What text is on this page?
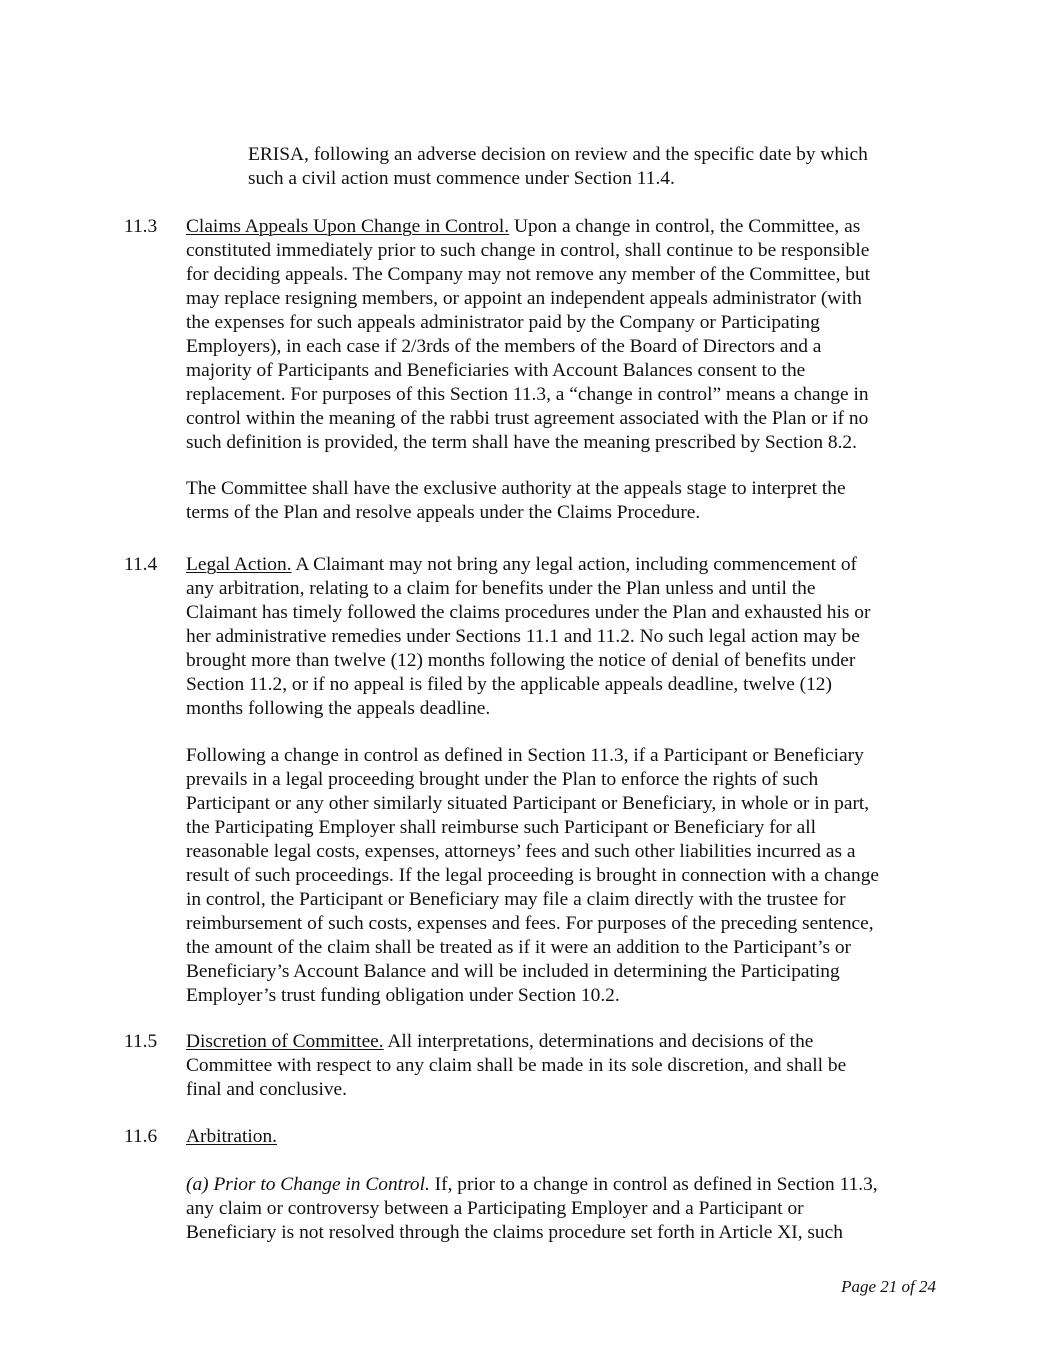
ERISA, following an adverse decision on review and the specific date by which
such a civil action must commence under Section 11.4.

11.3 Claims Appeals Upon Change in Control. Upon a change in control, the Committee, as

constituted immediately prior to such change in control, shall continue to be responsible
for deciding appeals. The Company may not remove any member of the Committee, but
may replace resigning members, or appoint an independent appeals administrator (with
the expenses for such appeals administrator paid by the Company or Participating
Employers), in each case if 2/3rds of the members of the Board of Directors and a
majority of Participants and Beneficiaries with Account Balances consent to the
replacement. For purposes of this Section 11.3, a “change in control” means a change in
control within the meaning of the rabbi trust agreement associated with the Plan or if no
such definition is provided, the term shall have the meaning prescribed by Section 8.2.

The Committee shall have the exclusive authority at the appeals stage to interpret the
terms of the Plan and resolve appeals under the Claims Procedure.

11.4 Legal Action. A Claimant may not bring any legal action, including commencement of

any arbitration, relating to a claim for benefits under the Plan unless and until the
Claimant has timely followed the claims procedures under the Plan and exhausted his or
her administrative remedies under Sections 11.1 and 11.2. No such legal action may be
brought more than twelve (12) months following the notice of denial of benefits under
Section 11.2, or if no appeal is filed by the applicable appeals deadline, twelve (12)
months following the appeals deadline.

Following a change in control as defined in Section 11.3, if a Participant or Beneficiary
prevails in a legal proceeding brought under the Plan to enforce the rights of such
Participant or any other similarly situated Participant or Beneficiary, in whole or in part,
the Participating Employer shall reimburse such Participant or Beneficiary for all
reasonable legal costs, expenses, attorneys’ fees and such other liabilities incurred as a
result of such proceedings. If the legal proceeding is brought in connection with a change
in control, the Participant or Beneficiary may file a claim directly with the trustee for
reimbursement of such costs, expenses and fees. For purposes of the preceding sentence,
the amount of the claim shall be treated as if it were an addition to the Participant’s or
Beneficiary’s Account Balance and will be included in determining the Participating
Employer’s trust funding obligation under Section 10.2.

11.5 Discretion of Committee. All interpretations, determinations and decisions of the

Committee with respect to any claim shall be made in its sole discretion, and shall be
final and conclusive.

11.6 Arbitration.

(a) Prior to Change in Control. If, prior to a change in control as defined in Section 11.3,

any claim or controversy between a Participating Employer and a Participant or
Beneficiary is not resolved through the claims procedure set forth in Article XI, such

Page 21 of 24
